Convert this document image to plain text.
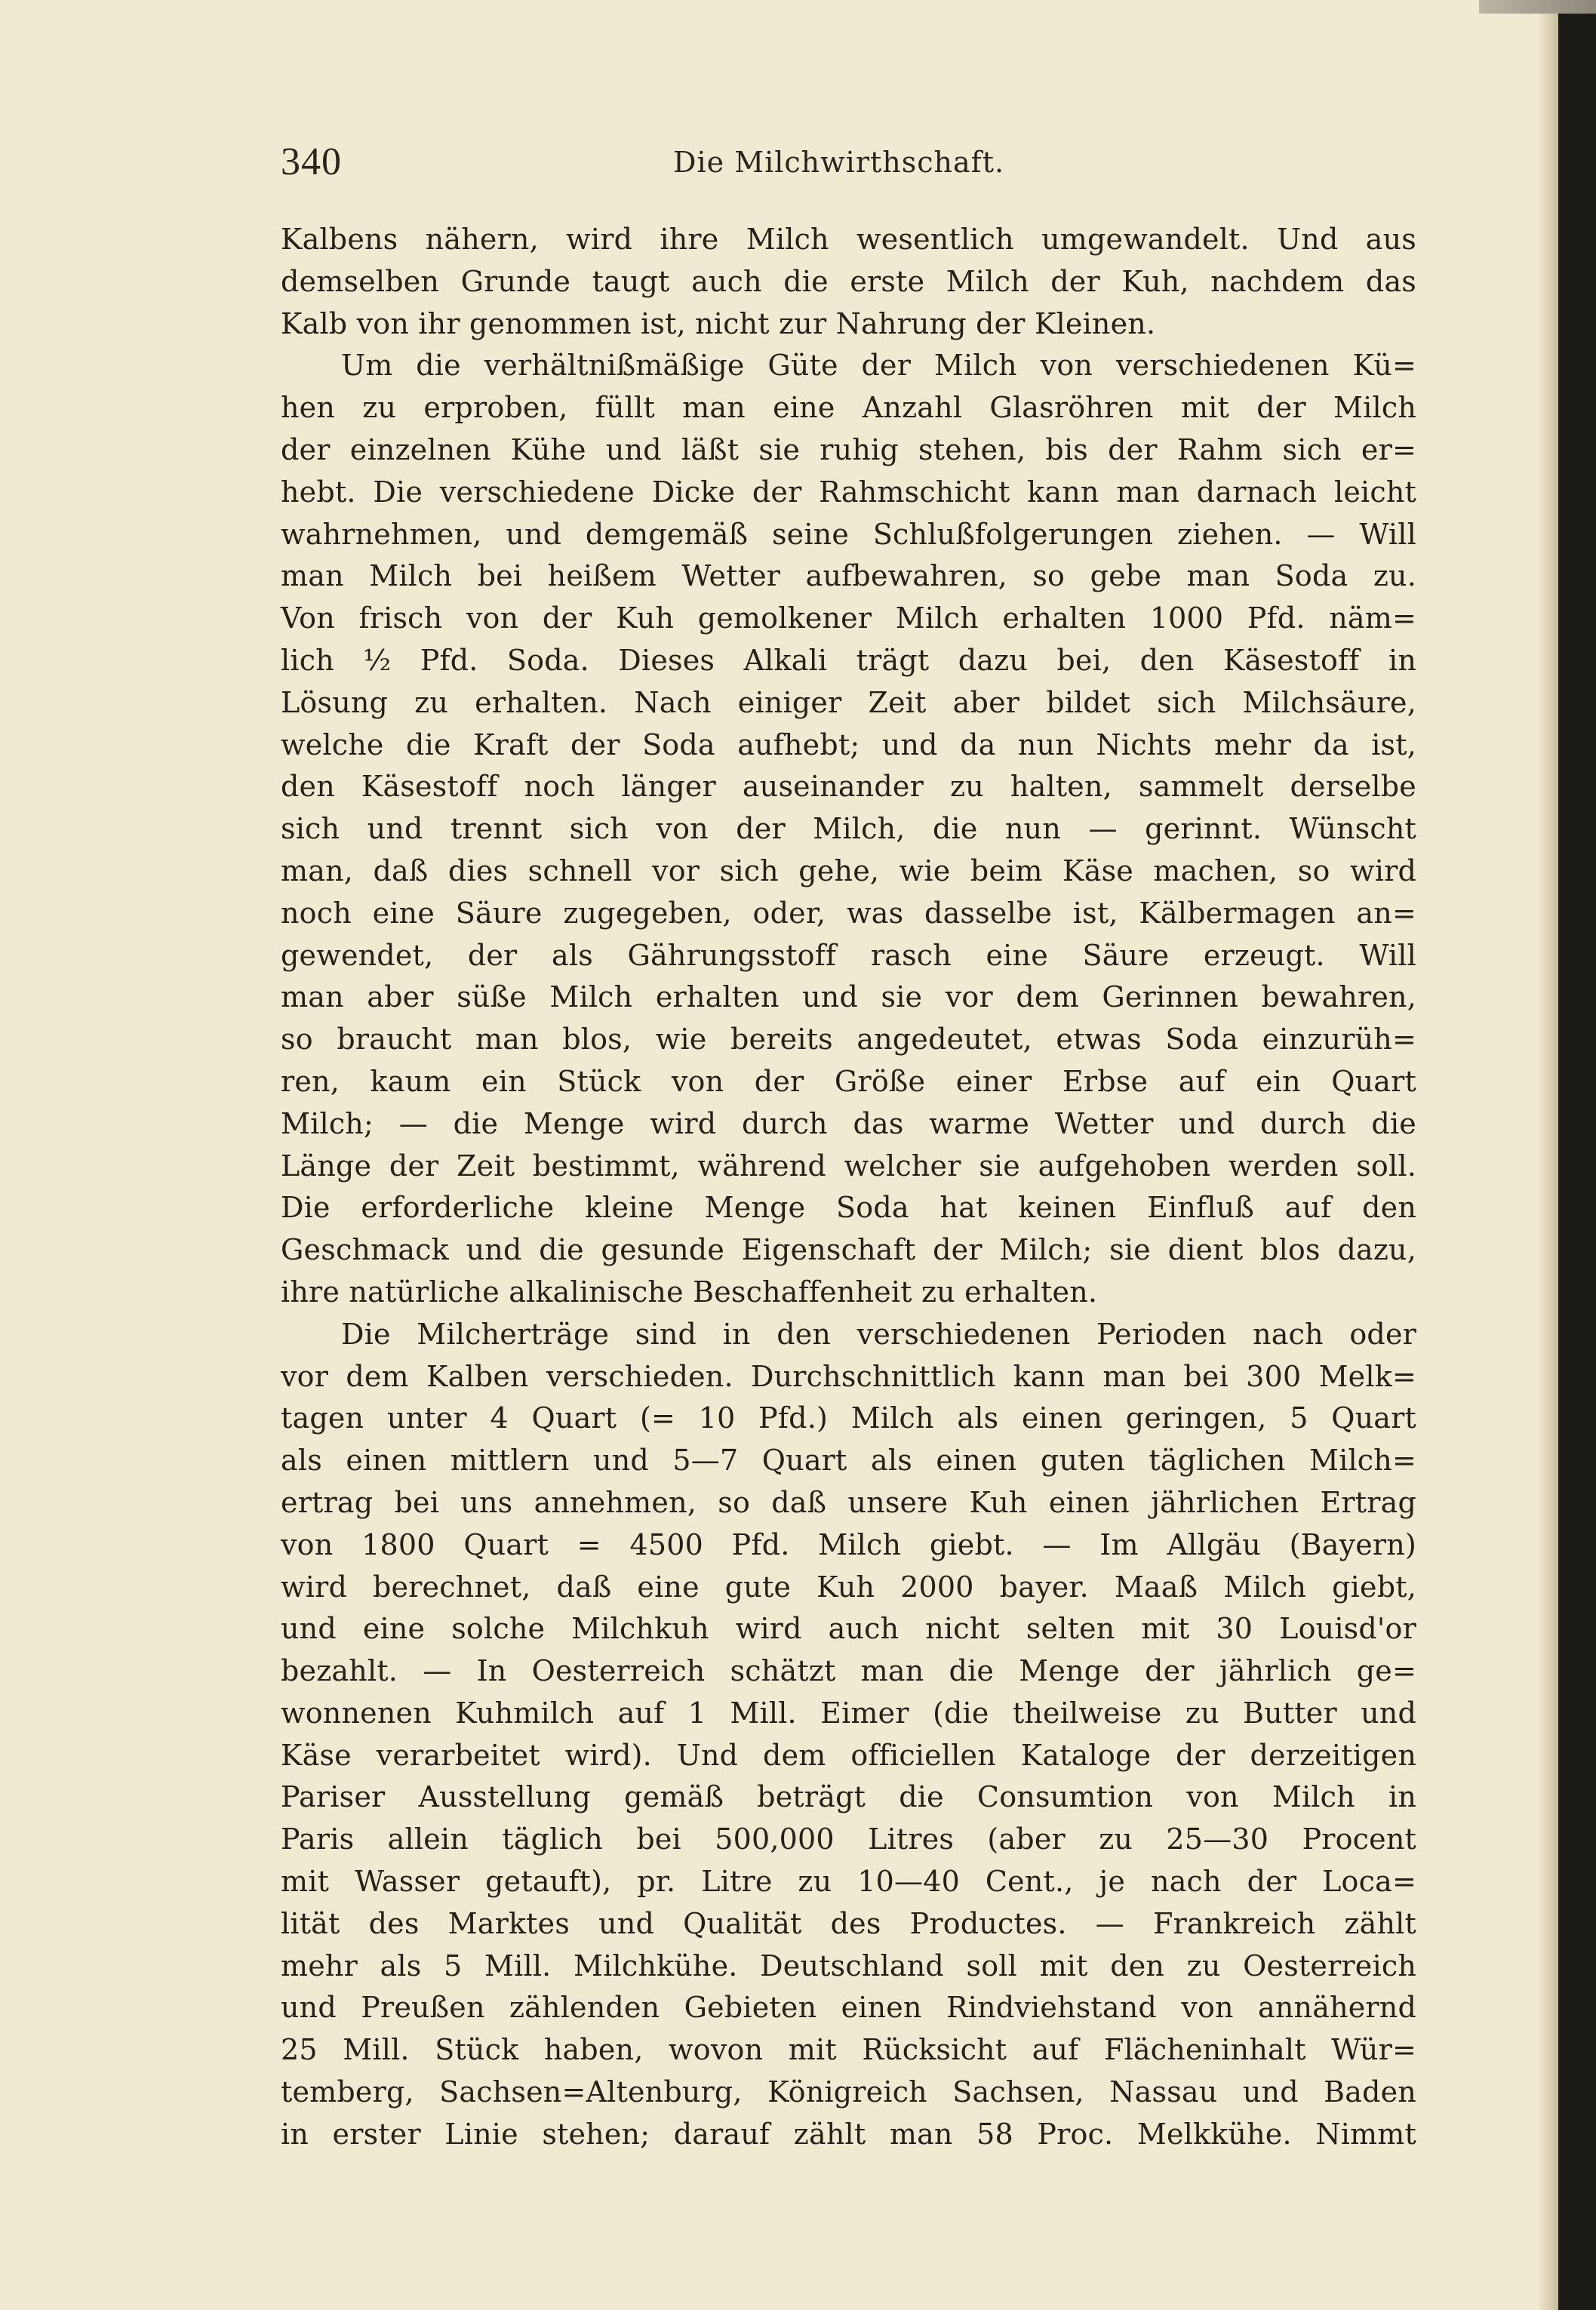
340	Die Milchwirthschaft.
Kalbens nähern, wird ihre Milch wesentlich umgewandelt. Und aus
demselben Grunde taugt auch die erste Milch der Kuh, nachdem das
Kalb von ihr genommen ist, nicht zur Nahrung der Kleinen.
Um die verhältnißmäßige Güte der Milch von verschiedenen Kü=
hen zu erproben, füllt man eine Anzahl Glasröhren mit der Milch
der einzelnen Kühe und läßt sie ruhig stehen, bis der Rahm sich er=
hebt. Die verschiedene Dicke der Rahmschicht kann man darnach leicht
wahrnehmen, und demgemäß seine Schlußfolgerungen ziehen. — Will
man Milch bei heißem Wetter aufbewahren, so gebe man Soda zu.
Von frisch von der Kuh gemolkener Milch erhalten 1000 Pfd. näm=
lich ½ Pfd. Soda. Dieses Alkali trägt dazu bei, den Käsestoff in
Lösung zu erhalten. Nach einiger Zeit aber bildet sich Milchsäure,
welche die Kraft der Soda aufhebt; und da nun Nichts mehr da ist,
den Käsestoff noch länger auseinander zu halten, sammelt derselbe
sich und trennt sich von der Milch, die nun — gerinnt. Wünscht
man, daß dies schnell vor sich gehe, wie beim Käse machen, so wird
noch eine Säure zugegeben, oder, was dasselbe ist, Kälbermagen an=
gewendet, der als Gährungsstoff rasch eine Säure erzeugt. Will
man aber süße Milch erhalten und sie vor dem Gerinnen bewahren,
so braucht man blos, wie bereits angedeutet, etwas Soda einzurüh=
ren, kaum ein Stück von der Größe einer Erbse auf ein Quart
Milch; — die Menge wird durch das warme Wetter und durch die
Länge der Zeit bestimmt, während welcher sie aufgehoben werden soll.
Die erforderliche kleine Menge Soda hat keinen Einfluß auf den
Geschmack und die gesunde Eigenschaft der Milch; sie dient blos dazu,
ihre natürliche alkalinische Beschaffenheit zu erhalten.
Die Milcherträge sind in den verschiedenen Perioden nach oder
vor dem Kalben verschieden. Durchschnittlich kann man bei 300 Melk=
tagen unter 4 Quart (= 10 Pfd.) Milch als einen geringen, 5 Quart
als einen mittlern und 5—7 Quart als einen guten täglichen Milch=
ertrag bei uns annehmen, so daß unsere Kuh einen jährlichen Ertrag
von 1800 Quart = 4500 Pfd. Milch giebt. — Im Allgäu (Bayern)
wird berechnet, daß eine gute Kuh 2000 bayer. Maaß Milch giebt,
und eine solche Milchkuh wird auch nicht selten mit 30 Louisd'or
bezahlt. — In Oesterreich schätzt man die Menge der jährlich ge=
wonnenen Kuhmilch auf 1 Mill. Eimer (die theilweise zu Butter und
Käse verarbeitet wird). Und dem officiellen Kataloge der derzeitigen
Pariser Ausstellung gemäß beträgt die Consumtion von Milch in
Paris allein täglich bei 500,000 Litres (aber zu 25—30 Procent
mit Wasser getauft), pr. Litre zu 10—40 Cent., je nach der Loca=
lität des Marktes und Qualität des Productes. — Frankreich zählt
mehr als 5 Mill. Milchkühe. Deutschland soll mit den zu Oesterreich
und Preußen zählenden Gebieten einen Rindviehstand von annähernd
25 Mill. Stück haben, wovon mit Rücksicht auf Flächeninhalt Wür=
temberg, Sachsen=Altenburg, Königreich Sachsen, Nassau und Baden
in erster Linie stehen; darauf zählt man 58 Proc. Melkkühe. Nimmt
